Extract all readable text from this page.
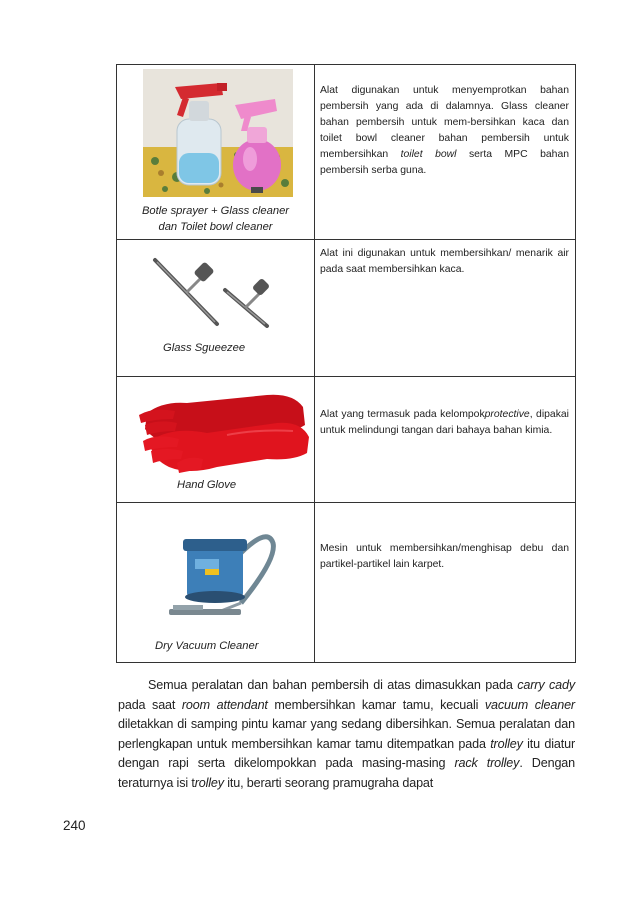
Botle sprayer + Glass cleaner
dan Toilet bowl cleaner	Alat digunakan untuk menyemprotkan bahan pembersih yang ada di dalamnya. Glass cleaner bahan pembersih untuk mem-bersihkan kaca dan toilet bowl cleaner bahan pembersih untuk membersihkan toilet bowl serta MPC bahan pembersih serba guna.

Glass Sgueezee	Alat ini digunakan untuk membersihkan/ menarik air pada saat membersihkan kaca.

Hand Glove	Alat yang termasuk pada kelompokprotective, dipakai untuk melindungi tangan dari bahaya bahan kimia.

Dry Vacuum Cleaner	Mesin untuk membersihkan/menghisap debu dan partikel-partikel lain karpet.
Semua peralatan dan bahan pembersih di atas dimasukkan pada carry cady pada saat room attendant membersihkan kamar tamu, kecuali vacuum cleaner diletakkan di samping pintu kamar yang sedang dibersihkan. Semua peralatan dan perlengkapan untuk membersihkan kamar tamu ditempatkan pada trolley itu diatur dengan rapi serta dikelompokkan pada masing-masing rack trolley. Dengan teraturnya isi trolley itu, berarti seorang pramugraha dapat
240
